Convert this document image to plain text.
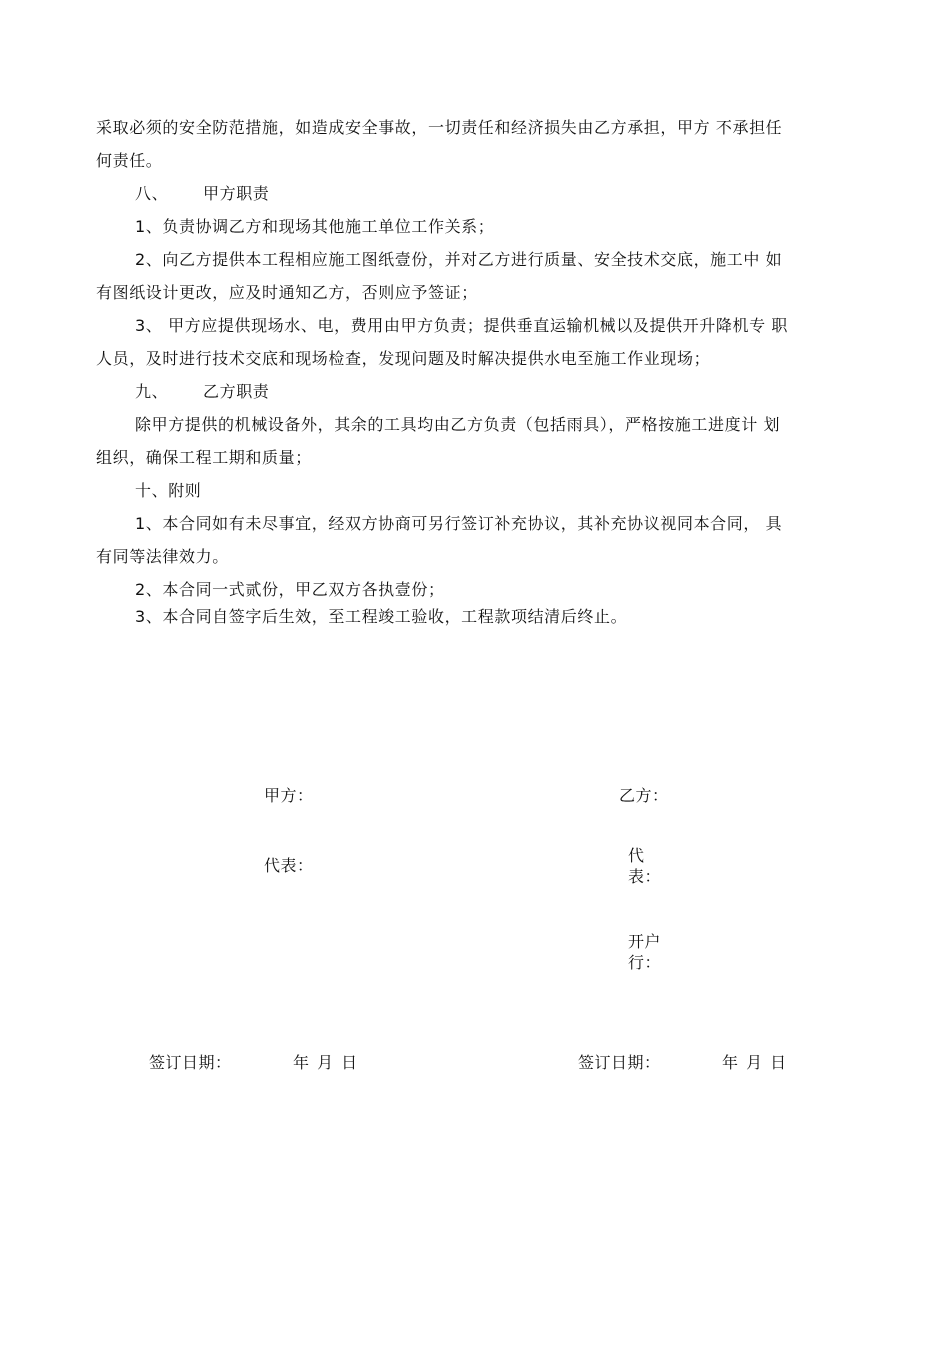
采取必须的安全防范措施，如造成安全事故，一切责任和经济损失由乙方承担，甲方 不承担任
何责任。
八、 甲方职责
1、负责协调乙方和现场其他施工单位工作关系；
2、向乙方提供本工程相应施工图纸壹份，并对乙方进行质量、安全技术交底，施工中 如
有图纸设计更改，应及时通知乙方，否则应予签证；
3、 甲方应提供现场水、电，费用由甲方负责；提供垂直运输机械以及提供开升降机专 职
人员，及时进行技术交底和现场检查，发现问题及时解决提供水电至施工作业现场；
九、 乙方职责
除甲方提供的机械设备外，其余的工具均由乙方负责（包括雨具），严格按施工进度计 划
组织，确保工程工期和质量；
十、附则
1、本合同如有未尽事宜，经双方协商可另行签订补充协议，其补充协议视同本合同， 具
有同等法律效力。
2、本合同一式贰份，甲乙双方各执壹份；
3、本合同自签字后生效，至工程竣工验收，工程款项结清后终止。
甲方：	乙方：
代表：
代
表：
开户
行：
签订日期：	年 月 日	签订日期：	年 月 日
